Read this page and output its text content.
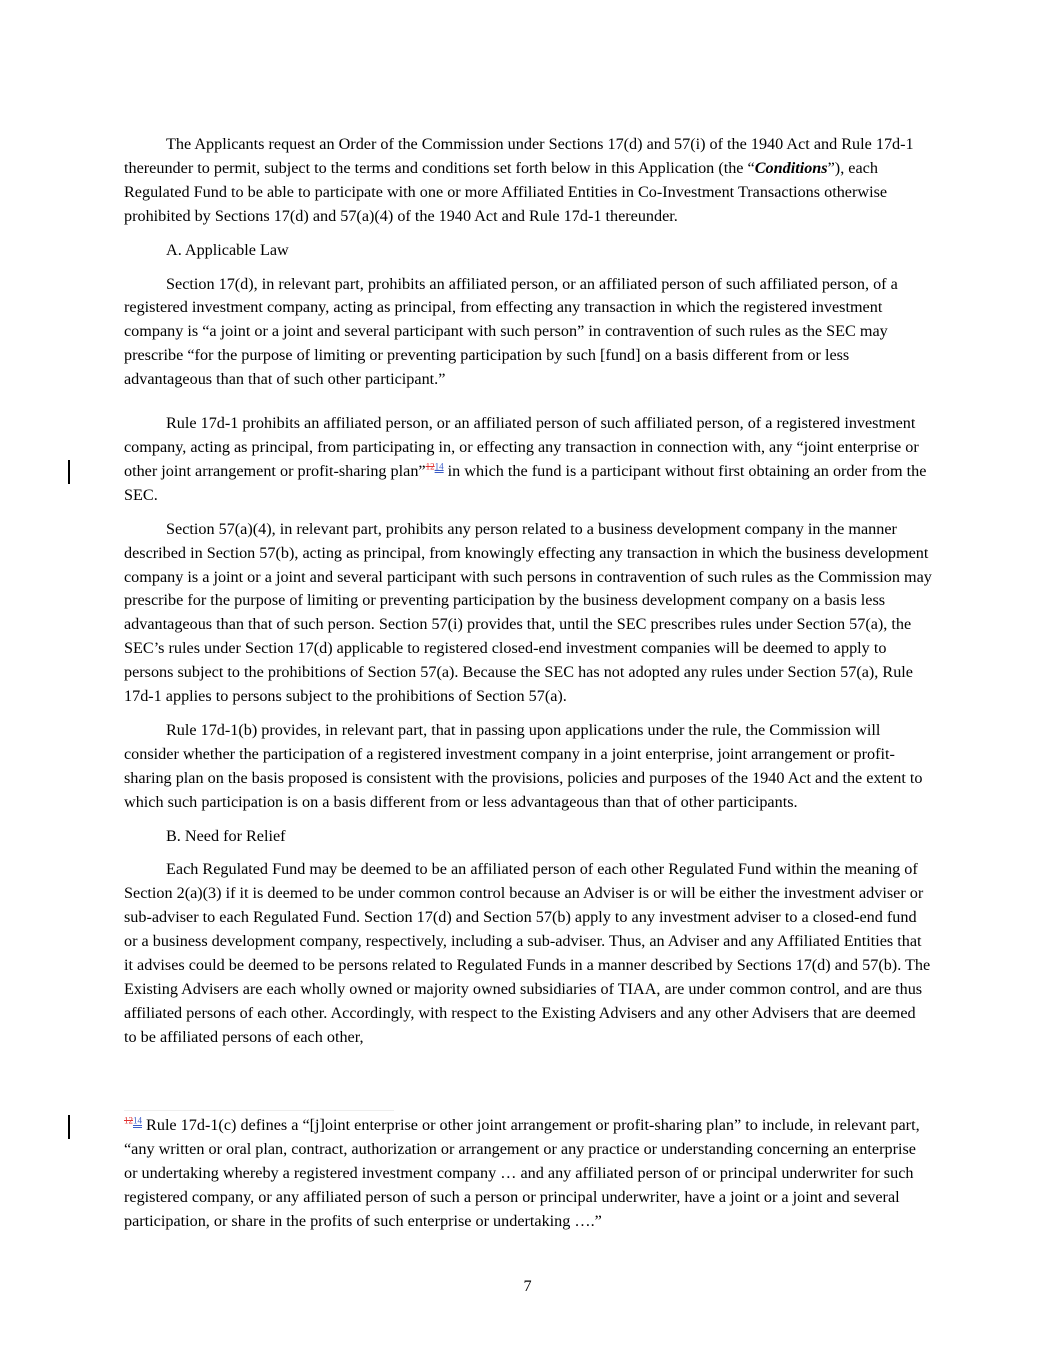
The Applicants request an Order of the Commission under Sections 17(d) and 57(i) of the 1940 Act and Rule 17d-1 thereunder to permit, subject to the terms and conditions set forth below in this Application (the “Conditions”), each Regulated Fund to be able to participate with one or more Affiliated Entities in Co-Investment Transactions otherwise prohibited by Sections 17(d) and 57(a)(4) of the 1940 Act and Rule 17d-1 thereunder.

A. Applicable Law

Section 17(d), in relevant part, prohibits an affiliated person, or an affiliated person of such affiliated person, of a registered investment company, acting as principal, from effecting any transaction in which the registered investment company is “a joint or a joint and several participant with such person” in contravention of such rules as the SEC may prescribe “for the purpose of limiting or preventing participation by such [fund] on a basis different from or less advantageous than that of such other participant.”

Rule 17d-1 prohibits an affiliated person, or an affiliated person of such affiliated person, of a registered investment company, acting as principal, from participating in, or effecting any transaction in connection with, any “joint enterprise or other joint arrangement or profit-sharing plan”$^{1214}$ in which the fund is a participant without first obtaining an order from the SEC.

Section 57(a)(4), in relevant part, prohibits any person related to a business development company in the manner described in Section 57(b), acting as principal, from knowingly effecting any transaction in which the business development company is a joint or a joint and several participant with such persons in contravention of such rules as the Commission may prescribe for the purpose of limiting or preventing participation by the business development company on a basis less advantageous than that of such person. Section 57(i) provides that, until the SEC prescribes rules under Section 57(a), the SEC’s rules under Section 17(d) applicable to registered closed-end investment companies will be deemed to apply to persons subject to the prohibitions of Section 57(a). Because the SEC has not adopted any rules under Section 57(a), Rule 17d-1 applies to persons subject to the prohibitions of Section 57(a).

Rule 17d-1(b) provides, in relevant part, that in passing upon applications under the rule, the Commission will consider whether the participation of a registered investment company in a joint enterprise, joint arrangement or profit-sharing plan on the basis proposed is consistent with the provisions, policies and purposes of the 1940 Act and the extent to which such participation is on a basis different from or less advantageous than that of other participants.

B. Need for Relief

Each Regulated Fund may be deemed to be an affiliated person of each other Regulated Fund within the meaning of Section 2(a)(3) if it is deemed to be under common control because an Adviser is or will be either the investment adviser or sub-adviser to each Regulated Fund. Section 17(d) and Section 57(b) apply to any investment adviser to a closed-end fund or a business development company, respectively, including a sub-adviser. Thus, an Adviser and any Affiliated Entities that it advises could be deemed to be persons related to Regulated Funds in a manner described by Sections 17(d) and 57(b). The Existing Advisers are each wholly owned or majority owned subsidiaries of TIAA, are under common control, and are thus affiliated persons of each other. Accordingly, with respect to the Existing Advisers and any other Advisers that are deemed to be affiliated persons of each other,

$^{1214}$ Rule 17d-1(c) defines a “[j]oint enterprise or other joint arrangement or profit-sharing plan” to include, in relevant part, “any written or oral plan, contract, authorization or arrangement or any practice or understanding concerning an enterprise or undertaking whereby a registered investment company … and any affiliated person of or principal underwriter for such registered company, or any affiliated person of such a person or principal underwriter, have a joint or a joint and several participation, or share in the profits of such enterprise or undertaking ….”

7
